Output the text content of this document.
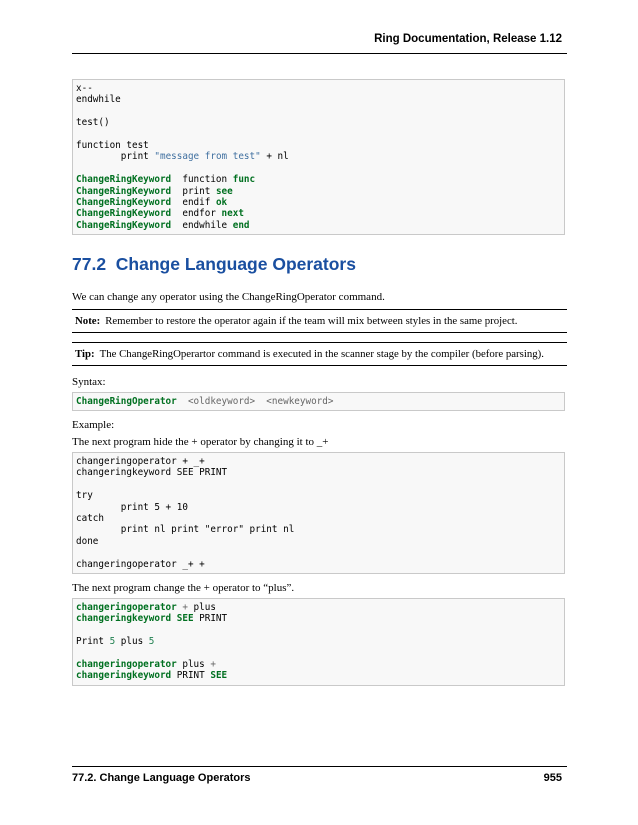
Ring Documentation, Release 1.12
x--
endwhile
test()
function test
print "message from test" + nl
ChangeRingKeyword  function func
ChangeRingKeyword  print see
ChangeRingKeyword  endif ok
ChangeRingKeyword  endfor next
ChangeRingKeyword  endwhile end
77.2 Change Language Operators
We can change any operator using the ChangeRingOperator command.
Note: Remember to restore the operator again if the team will mix between styles in the same project.
Tip: The ChangeRingOperartor command is executed in the scanner stage by the compiler (before parsing).
Syntax:
ChangeRingOperator  <oldkeyword>  <newkeyword>
Example:
The next program hide the + operator by changing it to _+
changeringoperator + _+
changeringkeyword SEE PRINT
try
print 5 + 10
catch
print nl print "error" print nl
done
changeringoperator _+ +
The next program change the + operator to “plus”.
changeringoperator + plus
changeringkeyword SEE PRINT
Print 5 plus 5
changeringoperator plus +
changeringkeyword PRINT SEE
77.2. Change Language Operators	955
